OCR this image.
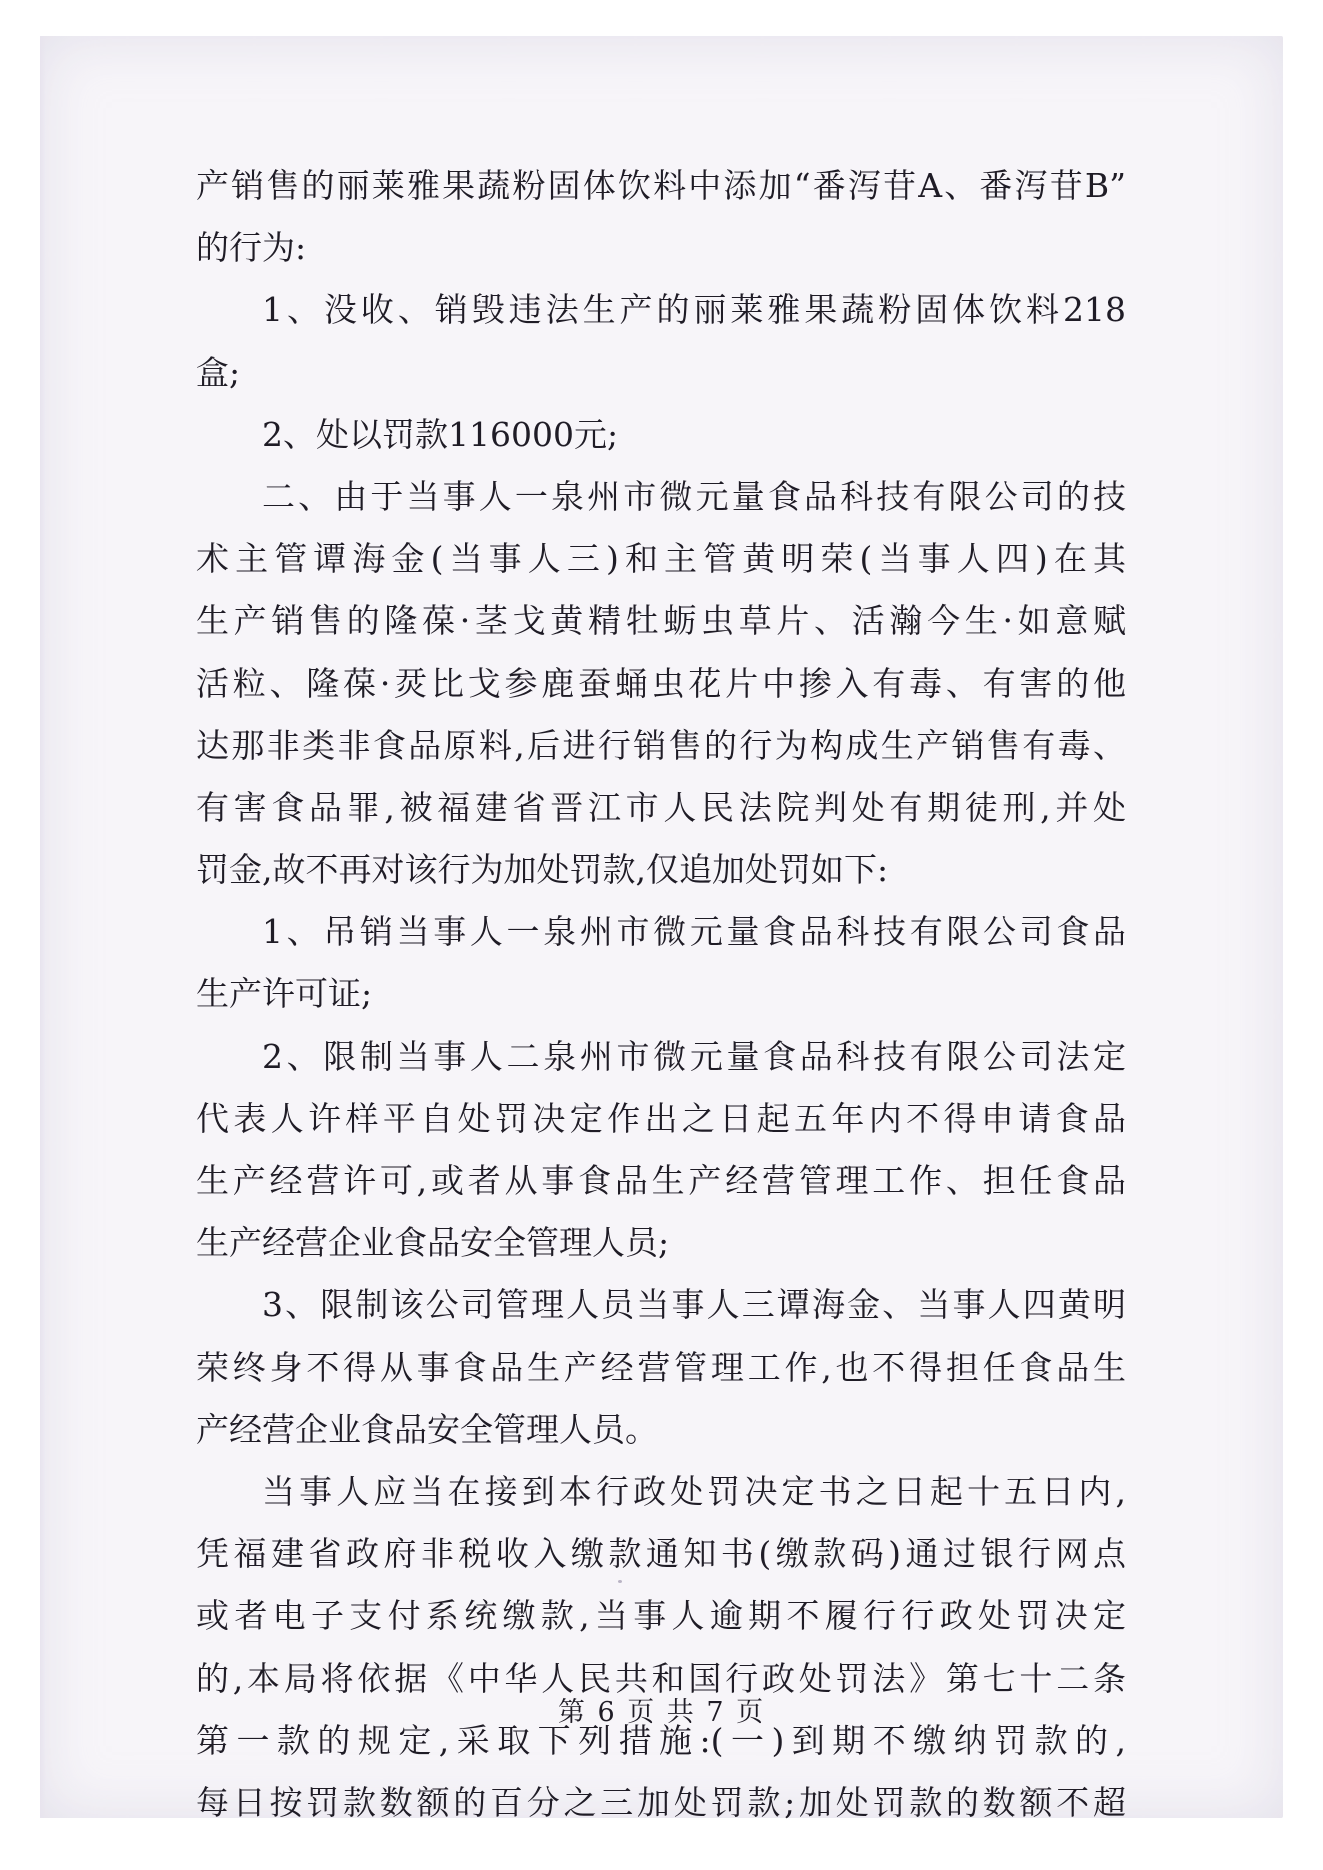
产销售的丽莱雅果蔬粉固体饮料中添加“番泻苷A、番泻苷B”

的行为:

1、没收、销毁违法生产的丽莱雅果蔬粉固体饮料218

盒;

2、处以罚款116000元;

二、由于当事人一泉州市微元量食品科技有限公司的技

术主管谭海金(当事人三)和主管黄明荣(当事人四)在其

生产销售的隆葆·茎戈黄精牡蛎虫草片、活瀚今生·如意赋

活粒、隆葆·烎比戈参鹿蚕蛹虫花片中掺入有毒、有害的他

达那非类非食品原料,后进行销售的行为构成生产销售有毒、

有害食品罪,被福建省晋江市人民法院判处有期徒刑,并处

罚金,故不再对该行为加处罚款,仅追加处罚如下:

1、吊销当事人一泉州市微元量食品科技有限公司食品

生产许可证;

2、限制当事人二泉州市微元量食品科技有限公司法定

代表人许样平自处罚决定作出之日起五年内不得申请食品

生产经营许可,或者从事食品生产经营管理工作、担任食品

生产经营企业食品安全管理人员;

3、限制该公司管理人员当事人三谭海金、当事人四黄明

荣终身不得从事食品生产经营管理工作,也不得担任食品生

产经营企业食品安全管理人员。

当事人应当在接到本行政处罚决定书之日起十五日内,

凭福建省政府非税收入缴款通知书(缴款码)通过银行网点

或者电子支付系统缴款,当事人逾期不履行行政处罚决定

的,本局将依据《中华人民共和国行政处罚法》第七十二条

第一款的规定,采取下列措施:(一)到期不缴纳罚款的,

每日按罚款数额的百分之三加处罚款;加处罚款的数额不超

第 6 页 共 7 页
